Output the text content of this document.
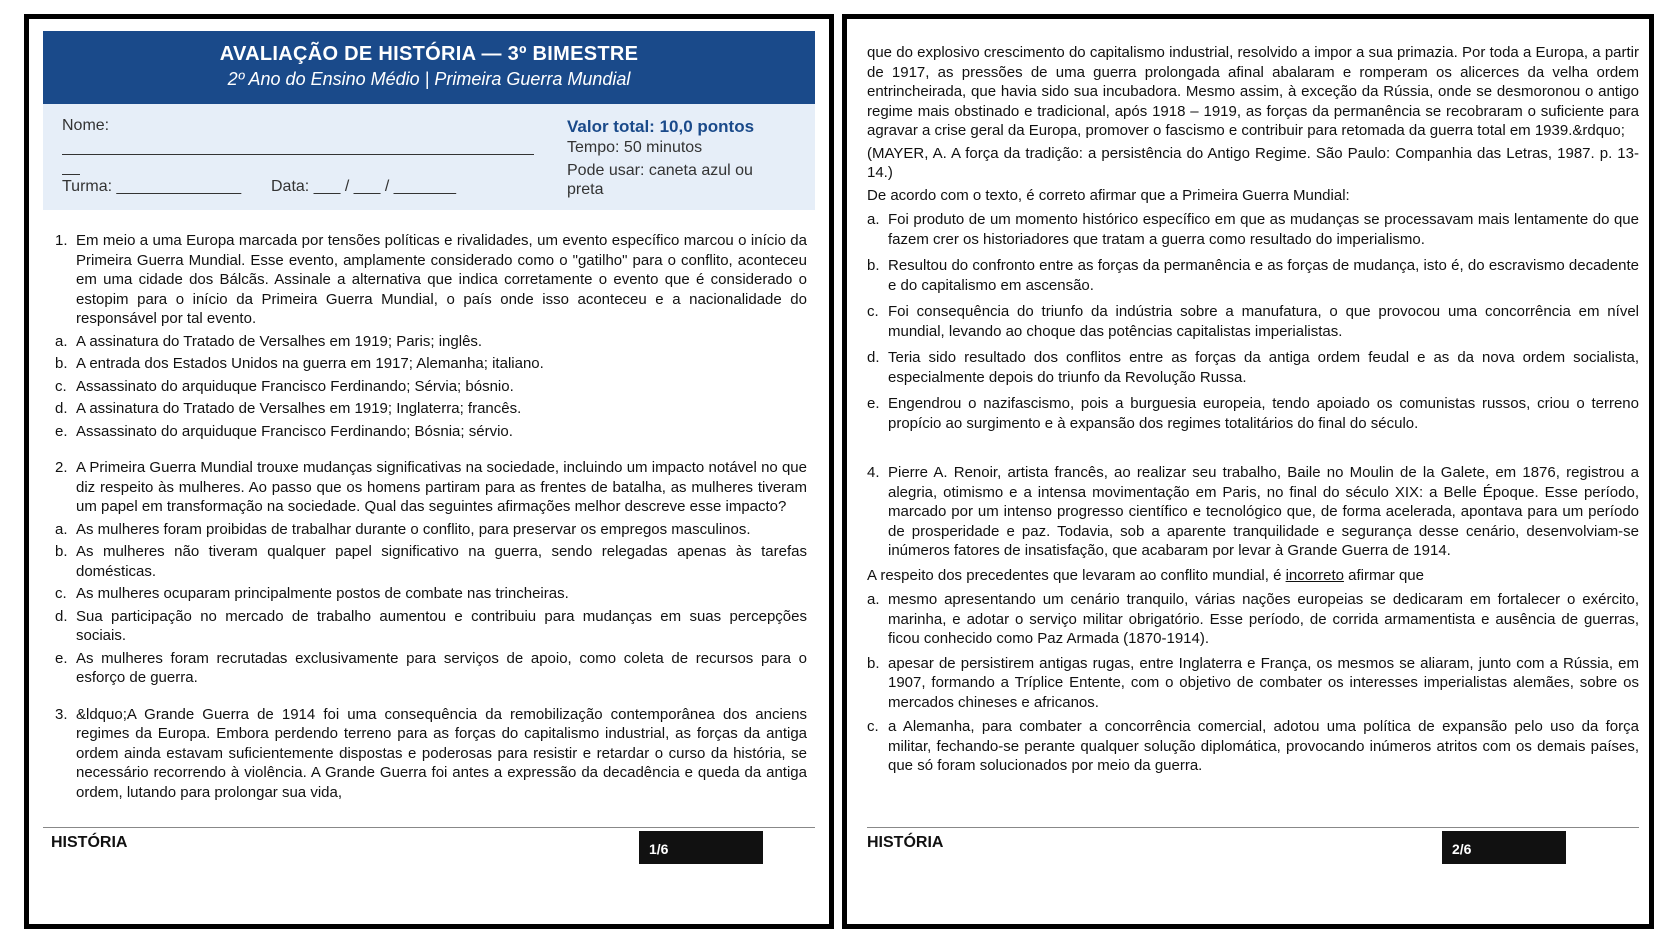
AVALIAÇÃO DE HISTÓRIA — 3º BIMESTRE
2º Ano do Ensino Médio | Primeira Guerra Mundial
Nome:
Turma: ______________ Data: ___ / ___ / _______
Valor total: 10,0 pontos
Tempo: 50 minutos
Pode usar: caneta azul ou preta
1. Em meio a uma Europa marcada por tensões políticas e rivalidades, um evento específico marcou o início da Primeira Guerra Mundial. Esse evento, amplamente considerado como o "gatilho" para o conflito, aconteceu em uma cidade dos Bálcãs. Assinale a alternativa que indica corretamente o evento que é considerado o estopim para o início da Primeira Guerra Mundial, o país onde isso aconteceu e a nacionalidade do responsável por tal evento.
a. A assinatura do Tratado de Versalhes em 1919; Paris; inglês.
b. A entrada dos Estados Unidos na guerra em 1917; Alemanha; italiano.
c. Assassinato do arquiduque Francisco Ferdinando; Sérvia; bósnio.
d. A assinatura do Tratado de Versalhes em 1919; Inglaterra; francês.
e. Assassinato do arquiduque Francisco Ferdinando; Bósnia; sérvio.
2. A Primeira Guerra Mundial trouxe mudanças significativas na sociedade, incluindo um impacto notável no que diz respeito às mulheres. Ao passo que os homens partiram para as frentes de batalha, as mulheres tiveram um papel em transformação na sociedade. Qual das seguintes afirmações melhor descreve esse impacto?
a. As mulheres foram proibidas de trabalhar durante o conflito, para preservar os empregos masculinos.
b. As mulheres não tiveram qualquer papel significativo na guerra, sendo relegadas apenas às tarefas domésticas.
c. As mulheres ocuparam principalmente postos de combate nas trincheiras.
d. Sua participação no mercado de trabalho aumentou e contribuiu para mudanças em suas percepções sociais.
e. As mulheres foram recrutadas exclusivamente para serviços de apoio, como coleta de recursos para o esforço de guerra.
3. &ldquo;A Grande Guerra de 1914 foi uma consequência da remobilização contemporânea dos anciens regimes da Europa. Embora perdendo terreno para as forças do capitalismo industrial, as forças da antiga ordem ainda estavam suficientemente dispostas e poderosas para resistir e retardar o curso da história, se necessário recorrendo à violência. A Grande Guerra foi antes a expressão da decadência e queda da antiga ordem, lutando para prolongar sua vida,
HISTÓRIA	1/6
que do explosivo crescimento do capitalismo industrial, resolvido a impor a sua primazia. Por toda a Europa, a partir de 1917, as pressões de uma guerra prolongada afinal abalaram e romperam os alicerces da velha ordem entrincheirada, que havia sido sua incubadora. Mesmo assim, à exceção da Rússia, onde se desmoronou o antigo regime mais obstinado e tradicional, após 1918 – 1919, as forças da permanência se recobraram o suficiente para agravar a crise geral da Europa, promover o fascismo e contribuir para retomada da guerra total em 1939.&rdquo;
(MAYER, A. A força da tradição: a persistência do Antigo Regime. São Paulo: Companhia das Letras, 1987. p. 13-14.)
De acordo com o texto, é correto afirmar que a Primeira Guerra Mundial:
a. Foi produto de um momento histórico específico em que as mudanças se processavam mais lentamente do que fazem crer os historiadores que tratam a guerra como resultado do imperialismo.
b. Resultou do confronto entre as forças da permanência e as forças de mudança, isto é, do escravismo decadente e do capitalismo em ascensão.
c. Foi consequência do triunfo da indústria sobre a manufatura, o que provocou uma concorrência em nível mundial, levando ao choque das potências capitalistas imperialistas.
d. Teria sido resultado dos conflitos entre as forças da antiga ordem feudal e as da nova ordem socialista, especialmente depois do triunfo da Revolução Russa.
e. Engendrou o nazifascismo, pois a burguesia europeia, tendo apoiado os comunistas russos, criou o terreno propício ao surgimento e à expansão dos regimes totalitários do final do século.
4. Pierre A. Renoir, artista francês, ao realizar seu trabalho, Baile no Moulin de la Galete, em 1876, registrou a alegria, otimismo e a intensa movimentação em Paris, no final do século XIX: a Belle Époque. Esse período, marcado por um intenso progresso científico e tecnológico que, de forma acelerada, apontava para um período de prosperidade e paz. Todavia, sob a aparente tranquilidade e segurança desse cenário, desenvolviam-se inúmeros fatores de insatisfação, que acabaram por levar à Grande Guerra de 1914.
A respeito dos precedentes que levaram ao conflito mundial, é incorreto afirmar que
a. mesmo apresentando um cenário tranquilo, várias nações europeias se dedicaram em fortalecer o exército, marinha, e adotar o serviço militar obrigatório. Esse período, de corrida armamentista e ausência de guerras, ficou conhecido como Paz Armada (1870-1914).
b. apesar de persistirem antigas rugas, entre Inglaterra e França, os mesmos se aliaram, junto com a Rússia, em 1907, formando a Tríplice Entente, com o objetivo de combater os interesses imperialistas alemães, sobre os mercados chineses e africanos.
c. a Alemanha, para combater a concorrência comercial, adotou uma política de expansão pelo uso da força militar, fechando-se perante qualquer solução diplomática, provocando inúmeros atritos com os demais países, que só foram solucionados por meio da guerra.
HISTÓRIA	2/6
